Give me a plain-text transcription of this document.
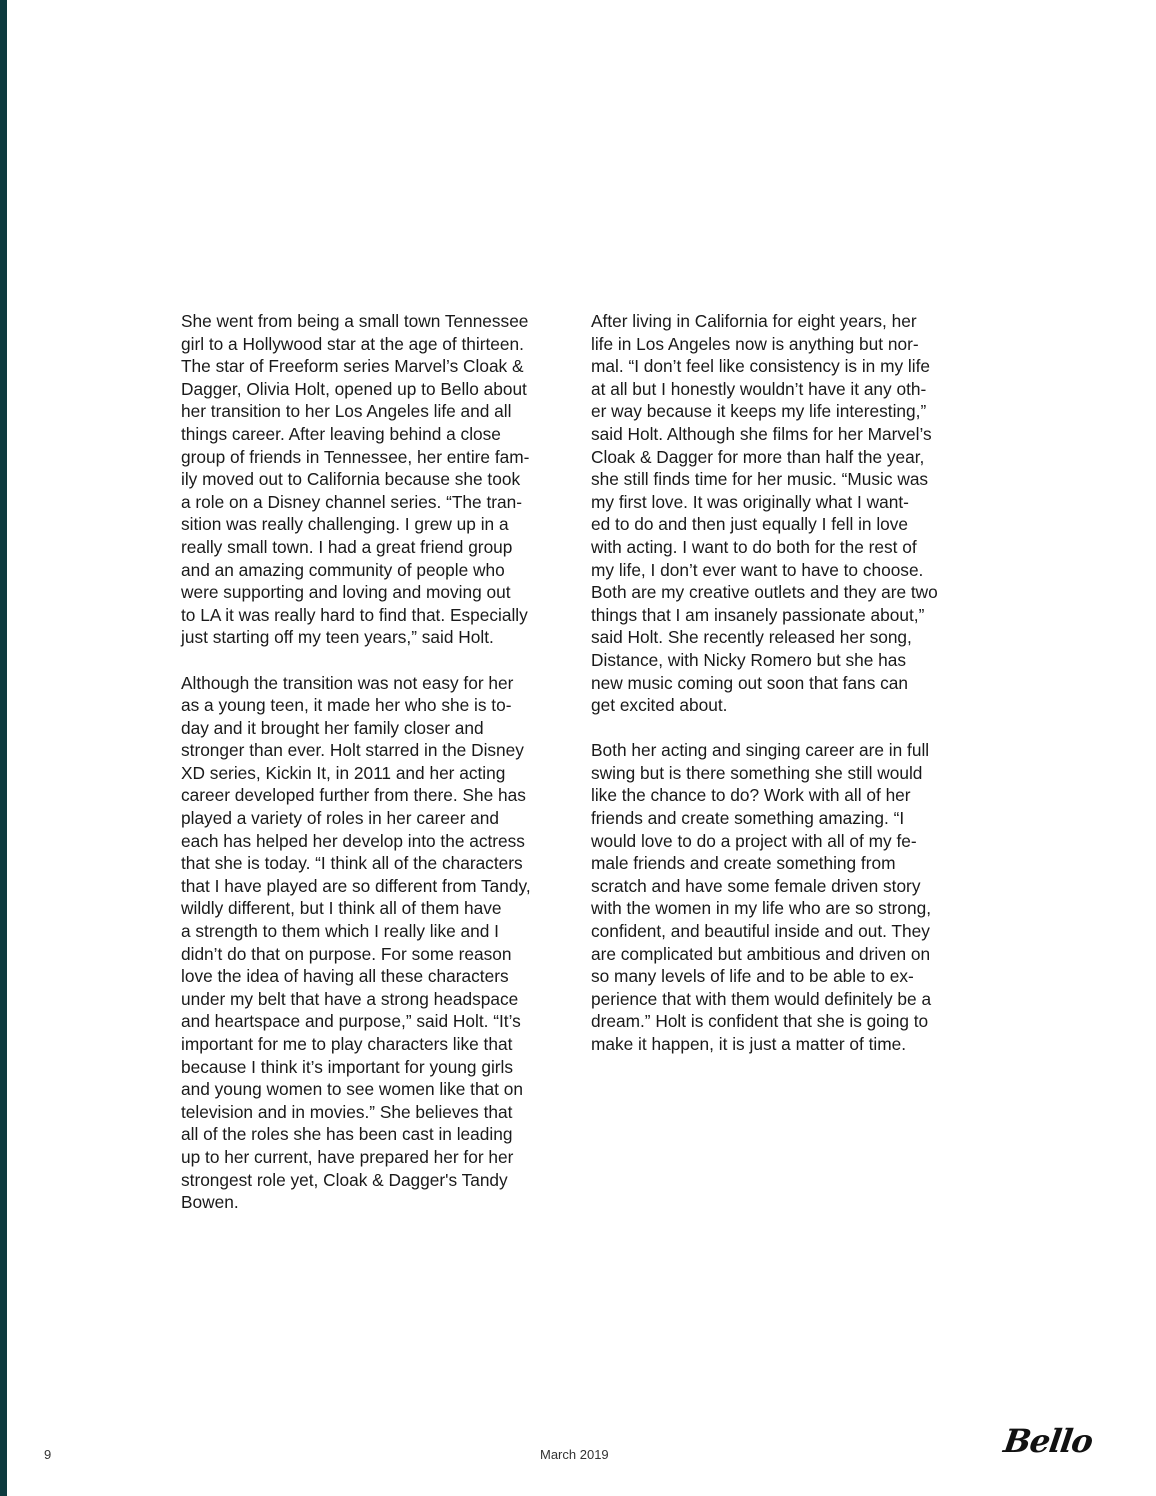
She went from being a small town Tennessee
girl to a Hollywood star at the age of thirteen.
The star of Freeform series Marvel’s Cloak &
Dagger, Olivia Holt, opened up to Bello about
her transition to her Los Angeles life and all
things career. After leaving behind a close
group of friends in Tennessee, her entire fam-
ily moved out to California because she took
a role on a Disney channel series. “The tran-
sition was really challenging. I grew up in a
really small town. I had a great friend group
and an amazing community of people who
were supporting and loving and moving out
to LA it was really hard to find that. Especially
just starting off my teen years,” said Holt.

Although the transition was not easy for her
as a young teen, it made her who she is to-
day and it brought her family closer and
stronger than ever. Holt starred in the Disney
XD series, Kickin It, in 2011 and her acting
career developed further from there. She has
played a variety of roles in her career and
each has helped her develop into the actress
that she is today. “I think all of the characters
that I have played are so different from Tandy,
wildly different, but I think all of them have
a strength to them which I really like and I
didn’t do that on purpose. For some reason
love the idea of having all these characters
under my belt that have a strong headspace
and heartspace and purpose,” said Holt. “It’s
important for me to play characters like that
because I think it’s important for young girls
and young women to see women like that on
television and in movies.” She believes that
all of the roles she has been cast in leading
up to her current, have prepared her for her
strongest role yet, Cloak & Dagger's Tandy
Bowen.

After living in California for eight years, her
life in Los Angeles now is anything but nor-
mal. “I don’t feel like consistency is in my life
at all but I honestly wouldn’t have it any oth-
er way because it keeps my life interesting,”
said Holt. Although she films for her Marvel’s
Cloak & Dagger for more than half the year,
she still finds time for her music. “Music was
my first love. It was originally what I want-
ed to do and then just equally I fell in love
with acting. I want to do both for the rest of
my life, I don’t ever want to have to choose.
Both are my creative outlets and they are two
things that I am insanely passionate about,”
said Holt. She recently released her song,
Distance, with Nicky Romero but she has
new music coming out soon that fans can
get excited about.

Both her acting and singing career are in full
swing but is there something she still would
like the chance to do? Work with all of her
friends and create something amazing. “I
would love to do a project with all of my fe-
male friends and create something from
scratch and have some female driven story
with the women in my life who are so strong,
confident, and beautiful inside and out. They
are complicated but ambitious and driven on
so many levels of life and to be able to ex-
perience that with them would definitely be a
dream.” Holt is confident that she is going to
make it happen, it is just a matter of time.

9	March 2019	Bello
